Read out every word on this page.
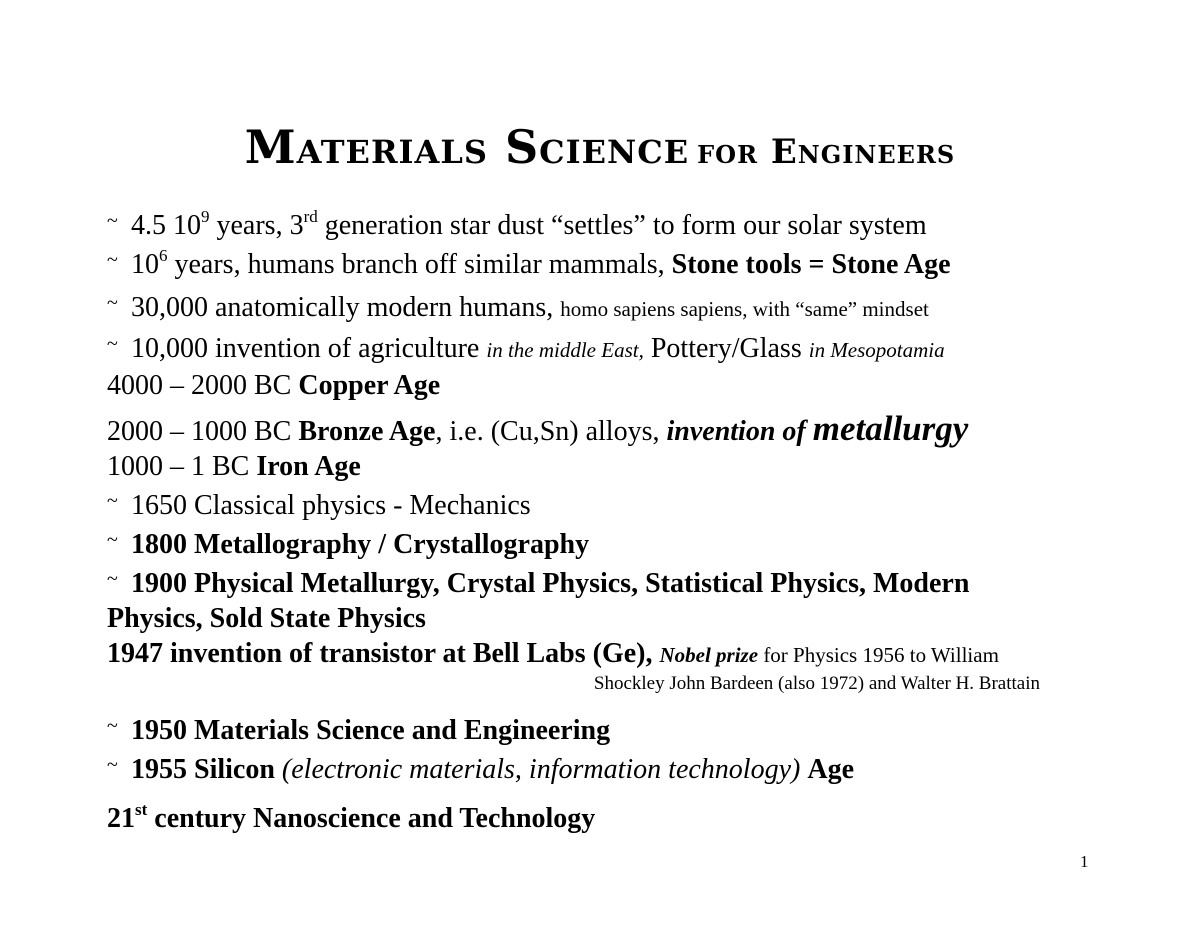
Materials Science for Engineers
~ 4.5 $10^9$ years, 3rd generation star dust “settles” to form our solar system
~ $10^6$ years, humans branch off similar mammals, Stone tools = Stone Age
~ 30,000 anatomically modern humans, homo sapiens sapiens, with “same” mindset
~ 10,000 invention of agriculture in the middle East, Pottery/Glass in Mesopotamia
4000 – 2000 BC Copper Age
2000 – 1000 BC Bronze Age, i.e. (Cu,Sn) alloys, invention of metallurgy
1000 – 1 BC Iron Age
~ 1650 Classical physics - Mechanics
~ 1800 Metallography / Crystallography
~ 1900 Physical Metallurgy, Crystal Physics, Statistical Physics, Modern
Physics, Sold State Physics
1947 invention of transistor at Bell Labs (Ge), Nobel prize for Physics 1956 to William
Shockley John Bardeen (also 1972) and Walter H. Brattain
~ 1950 Materials Science and Engineering
~ 1955 Silicon (electronic materials, information technology) Age
21st century Nanoscience and Technology
1
